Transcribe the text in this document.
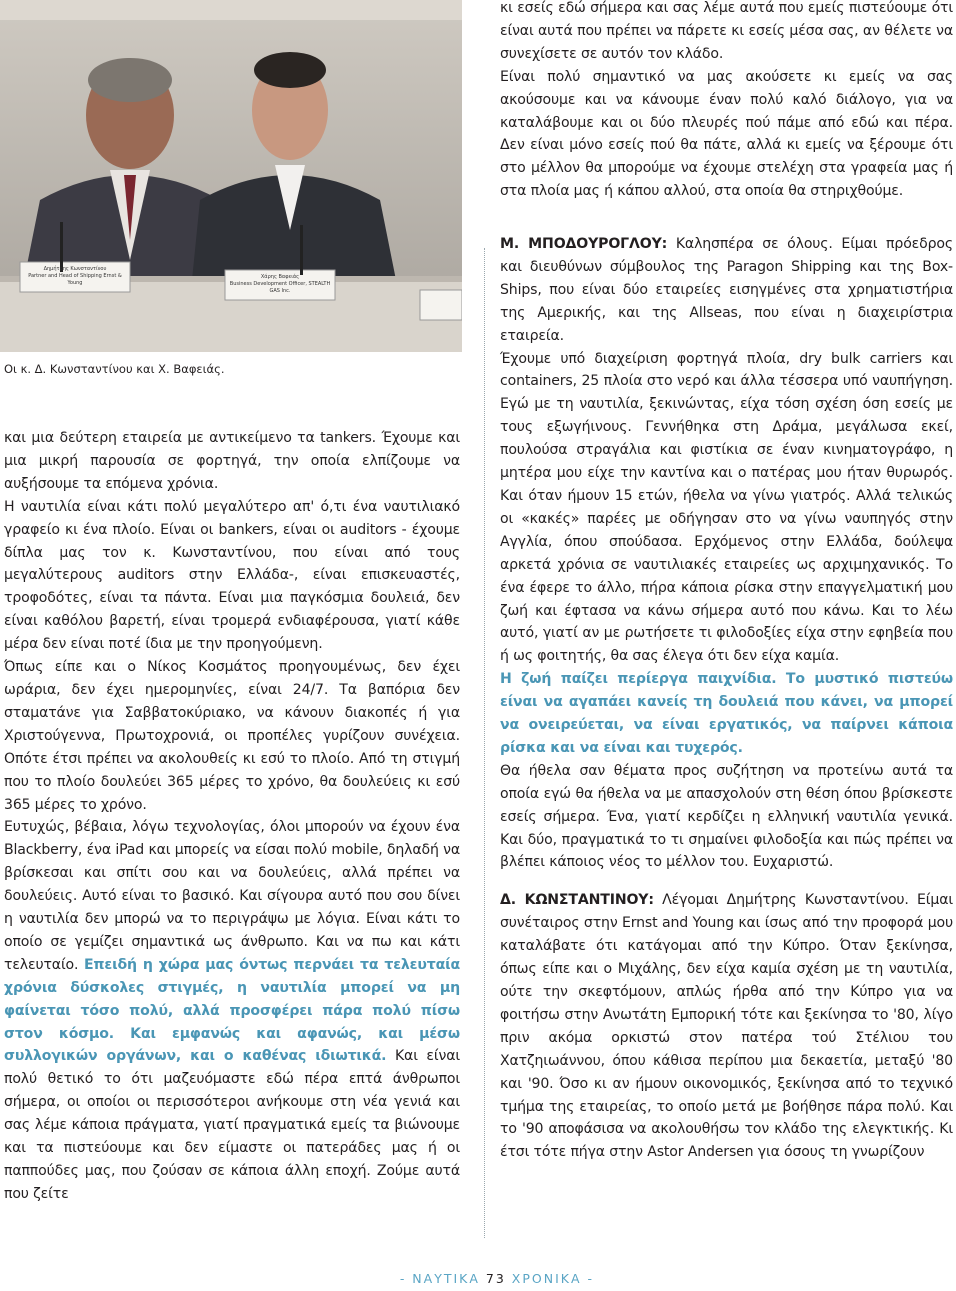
Δημήτρης Κωνσταντίνου
Partner and Head of Shipping Ernst & Young
Χάρης Βαφειάς
Business Development Officer, STEALTH GAS Inc.
Οι κ. Δ. Κωνσταντίνου και Χ. Βαφειάς.

κι εσείς εδώ σήμερα και σας λέμε αυτά που εμείς πιστεύουμε ότι είναι αυτά που πρέπει να πάρετε κι εσείς μέσα σας, αν θέλετε να συνεχίσετε σε αυτόν τον κλάδο.

Είναι πολύ σημαντικό να μας ακούσετε κι εμείς να σας ακούσουμε και να κάνουμε έναν πολύ καλό διάλογο, για να καταλάβουμε και οι δύο πλευρές πού πάμε από εδώ και πέρα. Δεν είναι μόνο εσείς πού θα πάτε, αλλά κι εμείς να ξέρουμε ότι στο μέλλον θα μπορούμε να έχουμε στελέχη στα γραφεία μας ή στα πλοία μας ή κάπου αλλού, στα οποία θα στηριχθούμε.

και μια δεύτερη εταιρεία με αντικείμενο τα tankers. Έχουμε και μια μικρή παρουσία σε φορτηγά, την οποία ελπίζουμε να αυξήσουμε τα επόμενα χρόνια.

Η ναυτιλία είναι κάτι πολύ μεγαλύτερο απ' ό,τι ένα ναυτιλιακό γραφείο κι ένα πλοίο. Είναι οι bankers, είναι οι auditors - έχουμε δίπλα μας τον κ. Κωνσταντίνου, που είναι από τους μεγαλύτερους auditors στην Ελλάδα-, είναι επισκευαστές, τροφοδότες, είναι τα πάντα. Είναι μια παγκόσμια δουλειά, δεν είναι καθόλου βαρετή, είναι τρομερά ενδιαφέρουσα, γιατί κάθε μέρα δεν είναι ποτέ ίδια με την προηγούμενη.

Όπως είπε και ο Νίκος Κοσμάτος προηγουμένως, δεν έχει ωράρια, δεν έχει ημερομηνίες, είναι 24/7. Τα βαπόρια δεν σταματάνε για Σαββατοκύριακο, να κάνουν διακοπές ή για Χριστούγεννα, Πρωτοχρονιά, οι προπέλες γυρίζουν συνέχεια. Οπότε έτσι πρέπει να ακολουθείς κι εσύ το πλοίο. Από τη στιγμή που το πλοίο δουλεύει 365 μέρες το χρόνο, θα δουλεύεις κι εσύ 365 μέρες το χρόνο.

Ευτυχώς, βέβαια, λόγω τεχνολογίας, όλοι μπορούν να έχουν ένα Blackberry, ένα iPad και μπορείς να είσαι πολύ mobile, δηλαδή να βρίσκεσαι και σπίτι σου και να δουλεύεις, αλλά πρέπει να δουλεύεις. Αυτό είναι το βασικό. Και σίγουρα αυτό που σου δίνει η ναυτιλία δεν μπορώ να το περιγράψω με λόγια. Είναι κάτι το οποίο σε γεμίζει σημαντικά ως άνθρωπο. Και να πω και κάτι τελευταίο. Επειδή η χώρα μας όντως περνάει τα τελευταία χρόνια δύσκολες στιγμές, η ναυτιλία μπορεί να μη φαίνεται τόσο πολύ, αλλά προσφέρει πάρα πολύ πίσω στον κόσμο. Και εμφανώς και αφανώς, και μέσω συλλογικών οργάνων, και ο καθένας ιδιωτικά. Και είναι πολύ θετικό το ότι μαζευόμαστε εδώ πέρα επτά άνθρωποι σήμερα, οι οποίοι οι περισσότεροι ανήκουμε στη νέα γενιά και σας λέμε κάποια πράγματα, γιατί πραγματικά εμείς τα βιώνουμε και τα πιστεύουμε και δεν είμαστε οι πατεράδες μας ή οι παππούδες μας, που ζούσαν σε κάποια άλλη εποχή. Ζούμε αυτά που ζείτε

Μ. ΜΠΟΔΟΥΡΟΓΛΟΥ: Καλησπέρα σε όλους. Είμαι πρόεδρος και διευθύνων σύμβουλος της Paragon Shipping και της Box-Ships, που είναι δύο εταιρείες εισηγμένες στα χρηματιστήρια της Αμερικής, και της Allseas, που είναι η διαχειρίστρια εταιρεία.

Έχουμε υπό διαχείριση φορτηγά πλοία, dry bulk carriers και containers, 25 πλοία στο νερό και άλλα τέσσερα υπό ναυπήγηση. Εγώ με τη ναυτιλία, ξεκινώντας, είχα τόση σχέση όση εσείς με τους εξωγήινους. Γεννήθηκα στη Δράμα, μεγάλωσα εκεί, πουλούσα στραγάλια και φιστίκια σε έναν κινηματογράφο, η μητέρα μου είχε την καντίνα και ο πατέρας μου ήταν θυρωρός. Και όταν ήμουν 15 ετών, ήθελα να γίνω γιατρός. Αλλά τελικώς οι «κακές» παρέες με οδήγησαν στο να γίνω ναυπηγός στην Αγγλία, όπου σπούδασα. Ερχόμενος στην Ελλάδα, δούλεψα αρκετά χρόνια σε ναυτιλιακές εταιρείες ως αρχιμηχανικός. Το ένα έφερε το άλλο, πήρα κάποια ρίσκα στην επαγγελματική μου ζωή και έφτασα να κάνω σήμερα αυτό που κάνω. Και το λέω αυτό, γιατί αν με ρωτήσετε τι φιλοδοξίες είχα στην εφηβεία που ή ως φοιτητής, θα σας έλεγα ότι δεν είχα καμία.

Η ζωή παίζει περίεργα παιχνίδια. Το μυστικό πιστεύω είναι να αγαπάει κανείς τη δουλειά που κάνει, να μπορεί να ονειρεύεται, να είναι εργατικός, να παίρνει κάποια ρίσκα και να είναι και τυχερός.

Θα ήθελα σαν θέματα προς συζήτηση να προτείνω αυτά τα οποία εγώ θα ήθελα να με απασχολούν στη θέση όπου βρίσκεστε εσείς σήμερα. Ένα, γιατί κερδίζει η ελληνική ναυτιλία γενικά. Και δύο, πραγματικά το τι σημαίνει φιλοδοξία και πώς πρέπει να βλέπει κάποιος νέος το μέλλον του. Ευχαριστώ.

Δ. ΚΩΝΣΤΑΝΤΙΝΟΥ: Λέγομαι Δημήτρης Κωνσταντίνου. Είμαι συνέταιρος στην Ernst and Young και ίσως από την προφορά μου καταλάβατε ότι κατάγομαι από την Κύπρο. Όταν ξεκίνησα, όπως είπε και ο Μιχάλης, δεν είχα καμία σχέση με τη ναυτιλία, ούτε την σκεφτόμουν, απλώς ήρθα από την Κύπρο για να φοιτήσω στην Ανωτάτη Εμπορική τότε και ξεκίνησα το '80, λίγο πριν ακόμα ορκιστώ στον πατέρα τού Στέλιου του Χατζηιωάννου, όπου κάθισα περίπου μια δεκαετία, μεταξύ '80 και '90. Όσο κι αν ήμουν οικονομικός, ξεκίνησα από το τεχνικό τμήμα της εταιρείας, το οποίο μετά με βοήθησε πάρα πολύ. Και το '90 αποφάσισα να ακολουθήσω τον κλάδο της ελεγκτικής. Κι έτσι τότε πήγα στην Astor Andersen για όσους τη γνωρίζουν

- ΝΑΥΤΙΚΑ 73 ΧΡΟΝΙΚΑ -
